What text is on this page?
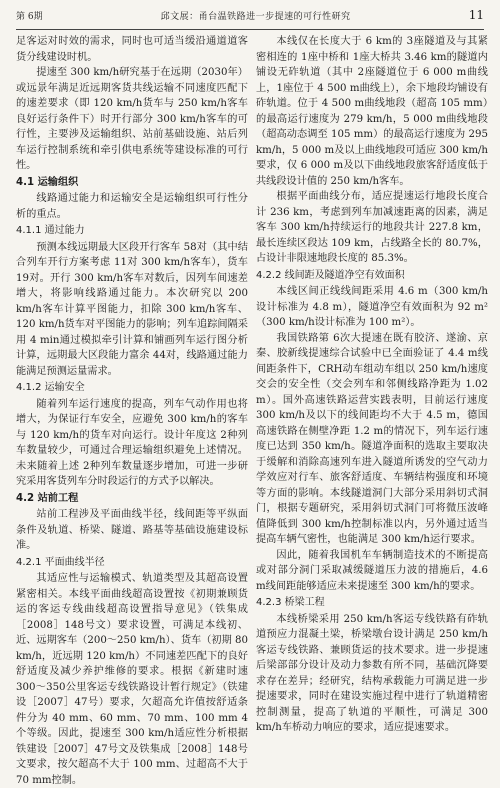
第 6期	邱文展：甬台温铁路进一步提速的可行性研究	11

足客运对时效的需求，同时也可适当缓沿通道道客货分线建设时机。

提速至 300 km/h研究基于在远期（2030年）或远景年满足近远期客货共线运输不同速度匹配下的速差要求（即 120 km/h货车与 250 km/h客车良好运行条件下）时开行部分 300 km/h客车的可行性，主要涉及运输组织、站前基础设施、站后列车运行控制系统和牵引供电系统等建设标准的可行性。

4.1 运输组织

线路通过能力和运输安全是运输组织可行性分析的重点。

4.1.1 通过能力

预测本线远期最大区段开行客车 58对（其中结合列车开行方案考虑 11对 300 km/h客车），货车 19对。开行 300 km/h客车对数后，因列车间速差增大，将影响线路通过能力。本次研究以 200 km/h客车计算平图能力，扣除 300 km/h客车、120 km/h货车对平图能力的影响；列车追踪间隔采用 4 min通过模拟牵引计算和铺画列车运行图分析计算，远期最大区段能力富余 44对，线路通过能力能满足预测运量需求。

4.1.2 运输安全

随着列车运行速度的提高，列车气动作用也将增大，为保证行车安全，应避免 300 km/h的客车与 120 km/h的货车对向运行。设计年度这 2种列车数量较少，可通过合理运输组织避免上述情况。未来随着上述 2种列车数量逐步增加，可进一步研究采用客货列车分时段运行的方式予以解决。

4.2 站前工程

站前工程涉及平面曲线半径，线间距等平纵面条件及轨道、桥梁、隧道、路基等基础设施建设标准。

4.2.1 平面曲线半径

其适应性与运输模式、轨道类型及其超高设置紧密相关。本线平面曲线超高设置按《初期兼顾货运的客运专线曲线超高设置指导意见》（铁集成［2008］148号文）要求设置，可满足本线初、近、远期客车（200～250 km/h）、货车（初期 80 km/h，近远期 120 km/h）不同速差匹配下的良好舒适度及减少养护维修的要求。根据《新建时速 300～350公里客运专线铁路设计暂行规定》（铁建设［2007］47号）要求，欠超高允许值按舒适条件分为 40 mm、60 mm、70 mm、100 mm 4个等级。因此，提速至 300 km/h适应性分析根据铁建设［2007］47号文及铁集成［2008］148号文要求，按欠超高不大于 100 mm、过超高不大于 70 mm控制。

本线仅在长度大于 6 km的 3座隧道及与其紧密相连的 1座中桥和 1座大桥共 3.46 km的隧道内铺设无砟轨道（其中 2座隧道位于 6 000 m曲线上，1座位于 4 500 m曲线上），余下地段均铺设有砟轨道。位于 4 500 m曲线地段（超高 105 mm）的最高运行速度为 279 km/h，5 000 m曲线地段（超高动态调至 105 mm）的最高运行速度为 295 km/h，5 000 m及以上曲线地段可适应 300 km/h要求，仅 6 000 m及以下曲线地段旅客舒适度低于共线段设计值的 250 km/h客车。

根据平面曲线分布，适应提速运行地段长度合计 236 km，考虑到列车加减速距离的因素，满足客车 300 km/h持续运行的地段共计 227.8 km，最长连续区段达 109 km，占线路全长的 80.7%，占设计非限速地段长度的 85.3%。

4.2.2 线间距及隧道净空有效面积

本线区间正线线间距采用 4.6 m（300 km/h设计标准为 4.8 m），隧道净空有效面积为 92 m²（300 km/h设计标准为 100 m²）。

我国铁路第 6次大提速在既有胶济、遂渝、京秦、胶新线提速综合试验中已全面验证了 4.4 m线间距条件下，CRH动车组动车组以 250 km/h速度交会的安全性（交会列车和邻侧线路净距为 1.02 m）。国外高速铁路运营实践表明，目前运行速度 300 km/h及以下的线间距均不大于 4.5 m，德国高速铁路在侧壁净距 1.2 m的情况下，列车运行速度已达到 350 km/h。隧道净面积的选取主要取决于缓解和消除高速列车进入隧道所诱发的空气动力学效应对行车、旅客舒适度、车辆结构强度和环境等方面的影响。本线隧道洞门大部分采用斜切式洞门，根据专题研究，采用斜切式洞门可将微压波峰值降低到 300 km/h控制标准以内，另外通过适当提高车辆气密性，也能满足 300 km/h运行要求。

因此，随着我国机车车辆制造技术的不断提高或对部分洞门采取减缓隧道压力波的措施后，4.6 m线间距能够适应未来提速至 300 km/h的要求。

4.2.3 桥梁工程

本线桥梁采用 250 km/h客运专线铁路有砟轨道预应力混凝土梁，桥梁墩台设计满足 250 km/h客运专线铁路、兼顾货运的技术要求。进一步提速后梁部部分设计及动力参数有所不同，基础沉降要求存在差异；经研究，结构承载能力可满足进一步提速要求，同时在建设实施过程中进行了轨道精密控制测量，提高了轨道的平顺性，可满足 300 km/h车桥动力响应的要求，适应提速要求。
